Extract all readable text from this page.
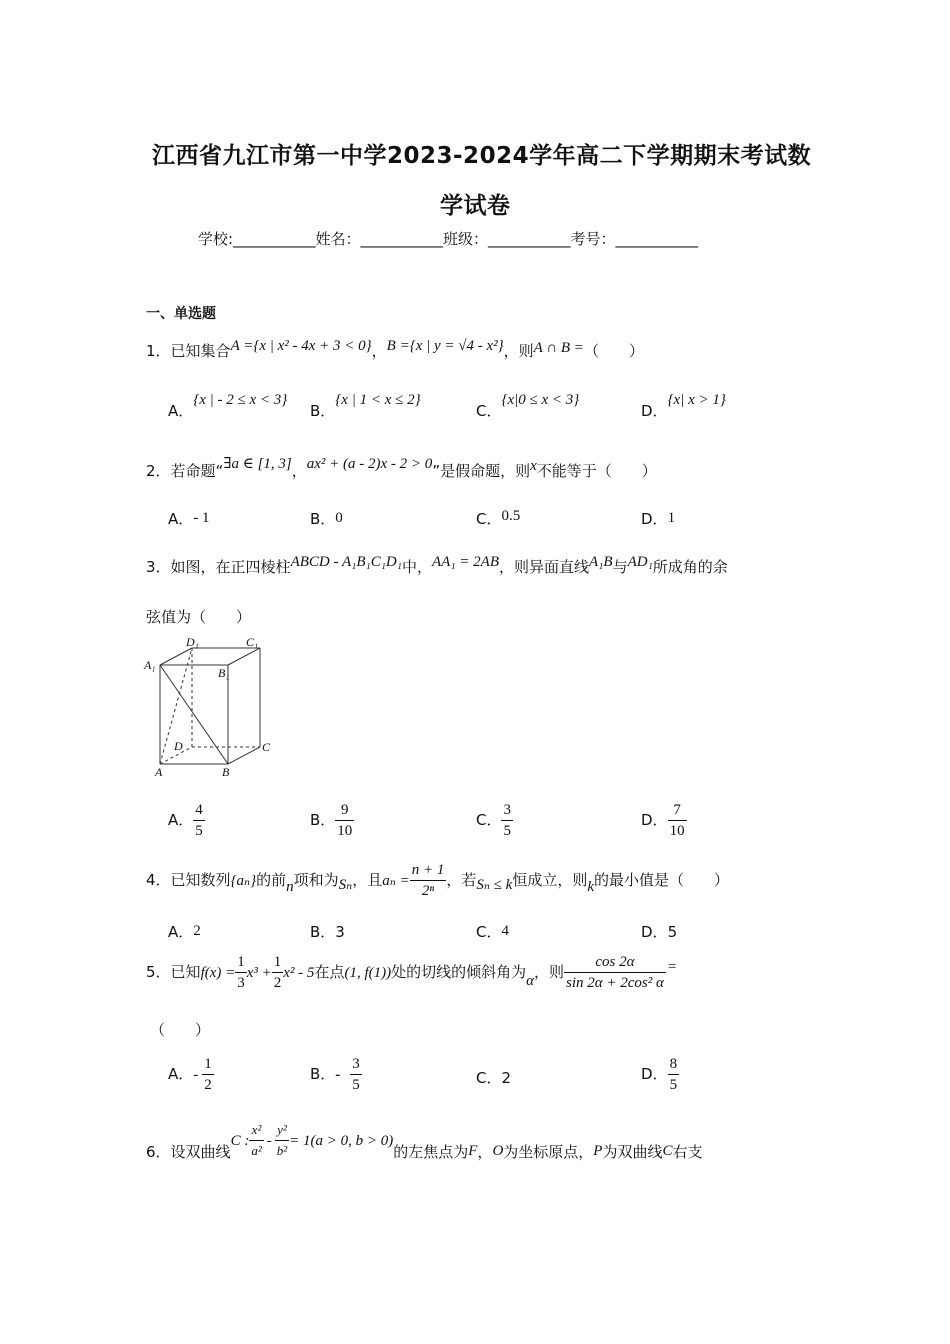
江西省九江市第一中学2023-2024学年高二下学期期末考试数
学试卷
学校:___________姓名：___________班级：___________考号：___________
一、单选题
1．已知集合A ={x | x² - 4x + 3 < 0}，B ={x | y = √4 - x²}，则A ∩ B =（　　）
A．{x | - 2 ≤ x < 3}
B．{x | 1 < x ≤ 2}
C．{x|0 ≤ x < 3}
D．{x| x > 1}
2．若命题“∃a ∈ [1, 3]，ax² + (a - 2)x - 2 > 0”是假命题，则x不能等于（　　）
A．- 1	B．0	C．0.5	D．1
3．如图，在正四棱柱ABCD - A₁B₁C₁D₁中，AA₁ = 2AB，则异面直线A₁B与AD₁所成角的余
弦值为（　　）
D₁	C₁
A₁
B₁
D	C
A	B
A． $\frac{4}{5}$	B． $\frac{9}{10}$	C． $\frac{3}{5}$	D． $\frac{7}{10}$
4．已知数列{aₙ}的前n项和为Sₙ，且$a_n = \frac{n + 1}{\text{2ⁿ}}$ ，若Sₙ ≤ k恒成立，则k的最小值是（　　）
A．2	B．3	C．4	D．5
5．已知$f(x) = \frac{1}{3} x^3 + \frac{1}{2} x^2 - 5$在点(1, f(1))处的切线的倾斜角为α，则 $\frac{\cos 2\alpha}{\text{sin 2α + 2cos² α}}$ =
（　　）
A．- $\frac{1}{2}$	B．- $\frac{3}{5}$	C．2	D． $\frac{8}{5}$
6．设双曲线C : $\frac{\text{x²}}{\text{a²}} - \frac{\text{y²}}{\text{b²}} = 1(a > 0$, b > 0)的左焦点为F，O为坐标原点，P为双曲线C右支
